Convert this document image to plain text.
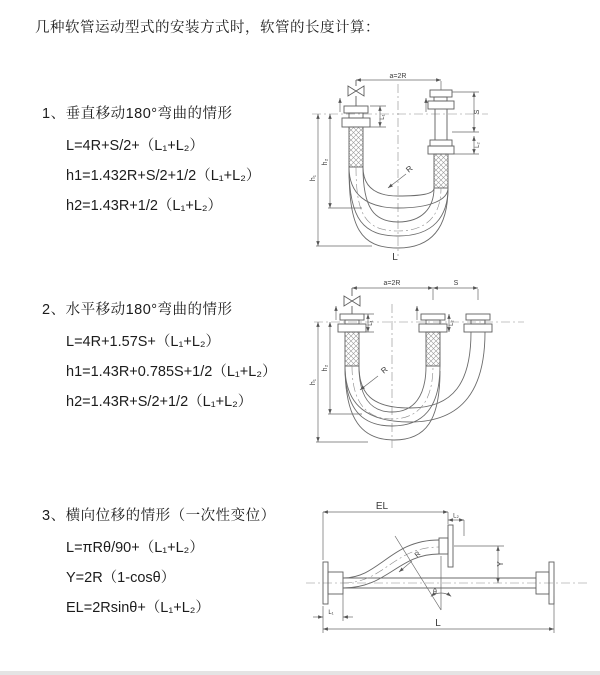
几种软管运动型式的安装方式时，软管的长度计算：
1、垂直移动180°弯曲的情形
L=4R+S/2+（L₁+L₂）
h1=1.432R+S/2+1/2（L₁+L₂）
h2=1.43R+1/2（L₁+L₂）
2、水平移动180°弯曲的情形
L=4R+1.57S+（L₁+L₂）
h1=1.43R+0.785S+1/2（L₁+L₂）
h2=1.43R+S/2+1/2（L₁+L₂）
3、横向位移的情形（一次性变位）
L=πRθ/90+（L₁+L₂）
Y=2R（1-cosθ）
EL=2Rsinθ+（L₁+L₂）
a=2R
S
L₂
h₁
h₂
L₁
R
L
a=2R	S
L₁	L₂
h₁
h₂	R
EL
L₂
Y
R
θ
L
L₁
